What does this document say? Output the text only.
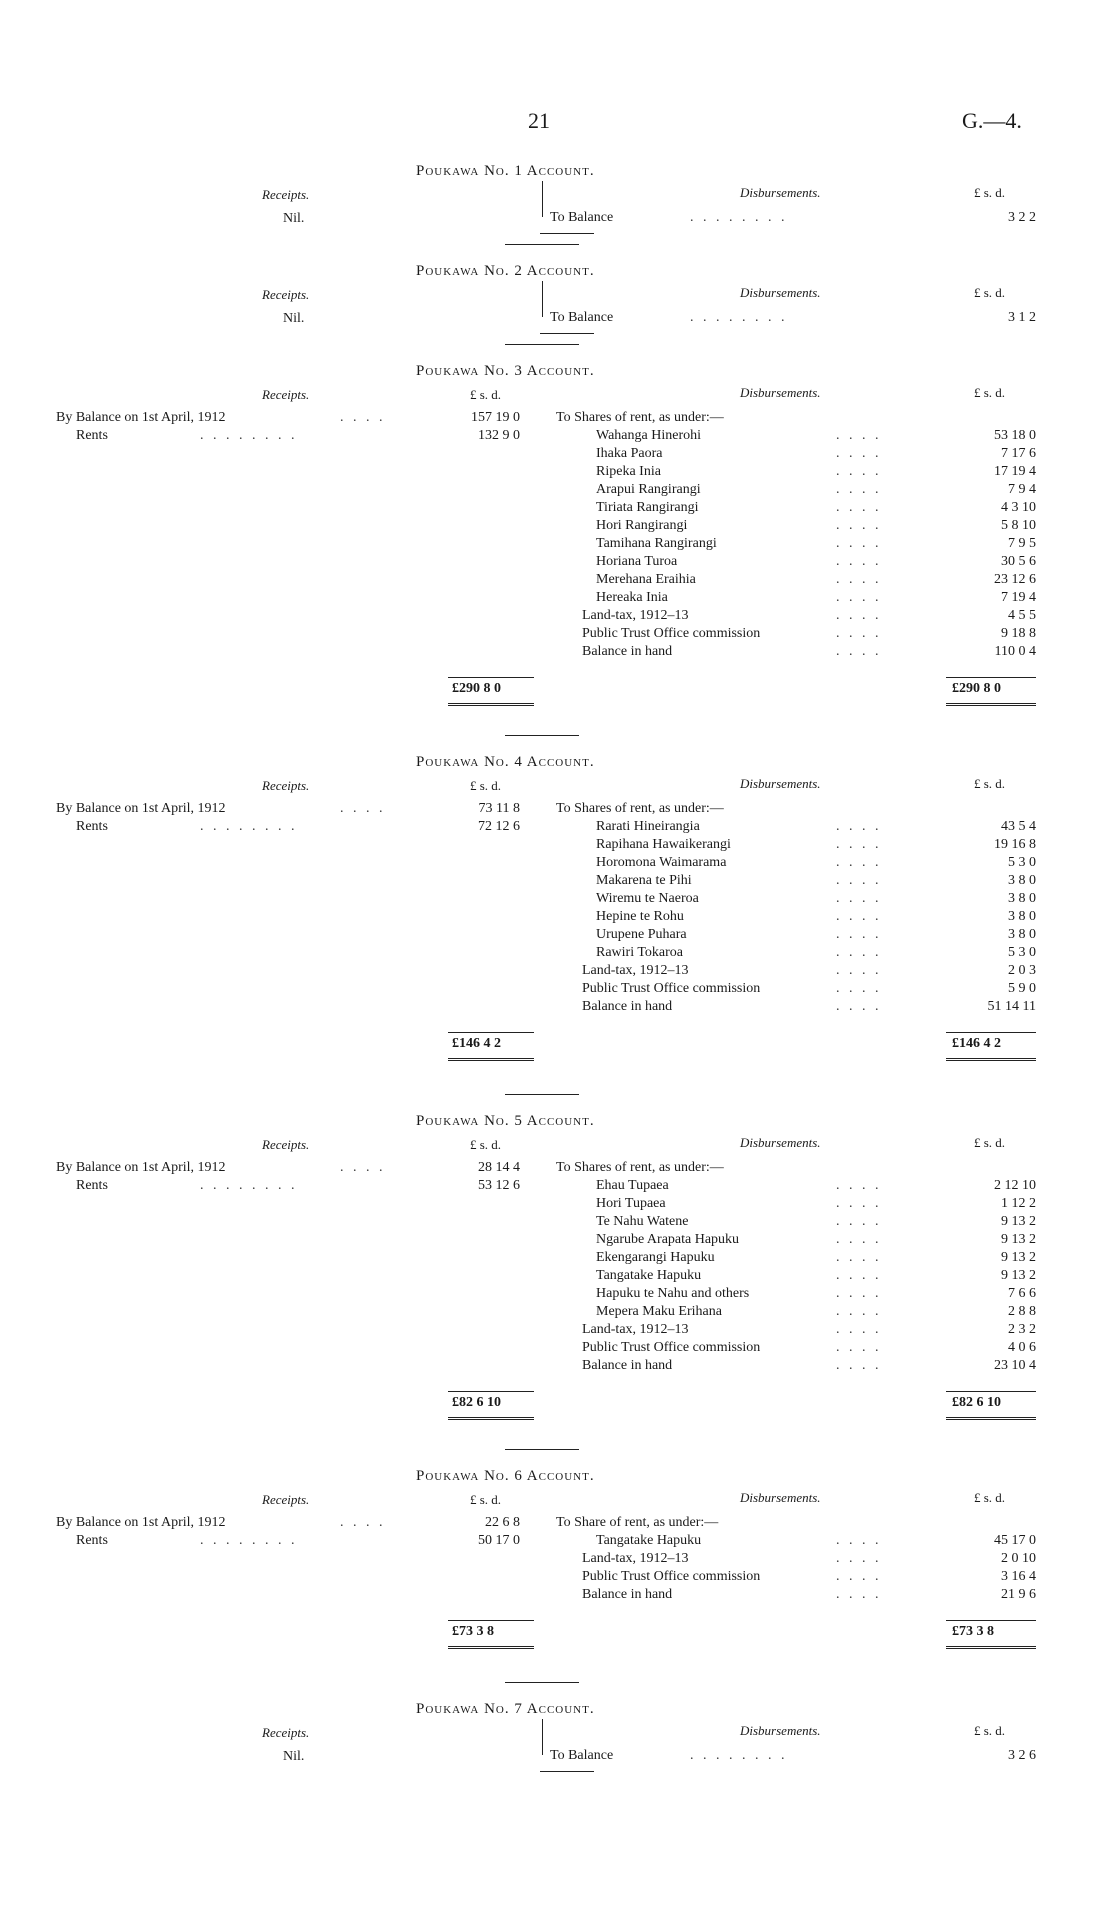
21	G.—4.
Poukawa No. 1 Account.
Receipts.	Disbursements.	£ s. d.
Nil.	To Balance	. . . . . . . .	3 2 2
Poukawa No. 2 Account.
Receipts.	Disbursements.	£ s. d.
Nil.	To Balance	. . . . . . . .	3 1 2
Poukawa No. 3 Account.
Receipts.	Disbursements.	£ s. d.
£ s. d.
By Balance on 1st April, 1912	. . . .	157 19 0
Rents	. . . . . . . .	132 9 0
To Shares of rent, as under:—
Wahanga Hinerohi	. . . .	53 18 0
Ihaka Paora	. . . .	7 17 6
Ripeka Inia	. . . .	17 19 4
Arapui Rangirangi	. . . .	7 9 4
Tiriata Rangirangi	. . . .	4 3 10
Hori Rangirangi	. . . .	5 8 10
Tamihana Rangirangi	. . . .	7 9 5
Horiana Turoa	. . . .	30 5 6
Merehana Eraihia	. . . .	23 12 6
Hereaka Inia	. . . .	7 19 4
Land-tax, 1912–13	. . . .	4 5 5
Public Trust Office commission	. . . .	9 18 8
Balance in hand	. . . .	110 0 4
£290 8 0	£290 8 0
Poukawa No. 4 Account.
Receipts.	Disbursements.	£ s. d.
£ s. d.
By Balance on 1st April, 1912	. . . .	73 11 8
Rents	. . . . . . . .	72 12 6
To Shares of rent, as under:—
Rarati Hineirangia	. . . .	43 5 4
Rapihana Hawaikerangi	. . . .	19 16 8
Horomona Waimarama	. . . .	5 3 0
Makarena te Pihi	. . . .	3 8 0
Wiremu te Naeroa	. . . .	3 8 0
Hepine te Rohu	. . . .	3 8 0
Urupene Puhara	. . . .	3 8 0
Rawiri Tokaroa	. . . .	5 3 0
Land-tax, 1912–13	. . . .	2 0 3
Public Trust Office commission	. . . .	5 9 0
Balance in hand	. . . .	51 14 11
£146 4 2	£146 4 2
Poukawa No. 5 Account.
Receipts.	Disbursements.	£ s. d.
£ s. d.
By Balance on 1st April, 1912	. . . .	28 14 4
Rents	. . . . . . . .	53 12 6
To Shares of rent, as under:—
Ehau Tupaea	. . . .	2 12 10
Hori Tupaea	. . . .	1 12 2
Te Nahu Watene	. . . .	9 13 2
Ngarube Arapata Hapuku	. . . .	9 13 2
Ekengarangi Hapuku	. . . .	9 13 2
Tangatake Hapuku	. . . .	9 13 2
Hapuku te Nahu and others	. . . .	7 6 6
Mepera Maku Erihana	. . . .	2 8 8
Land-tax, 1912–13	. . . .	2 3 2
Public Trust Office commission	. . . .	4 0 6
Balance in hand	. . . .	23 10 4
£82 6 10	£82 6 10
Poukawa No. 6 Account.
Receipts.	Disbursements.	£ s. d.
£ s. d.
By Balance on 1st April, 1912	. . . .	22 6 8
Rents	. . . . . . . .	50 17 0
To Share of rent, as under:—
Tangatake Hapuku	. . . .	45 17 0
Land-tax, 1912–13	. . . .	2 0 10
Public Trust Office commission	. . . .	3 16 4
Balance in hand	. . . .	21 9 6
£73 3 8	£73 3 8
Poukawa No. 7 Account.
Receipts.	Disbursements.	£ s. d.
Nil.	To Balance	. . . . . . . .	3 2 6
